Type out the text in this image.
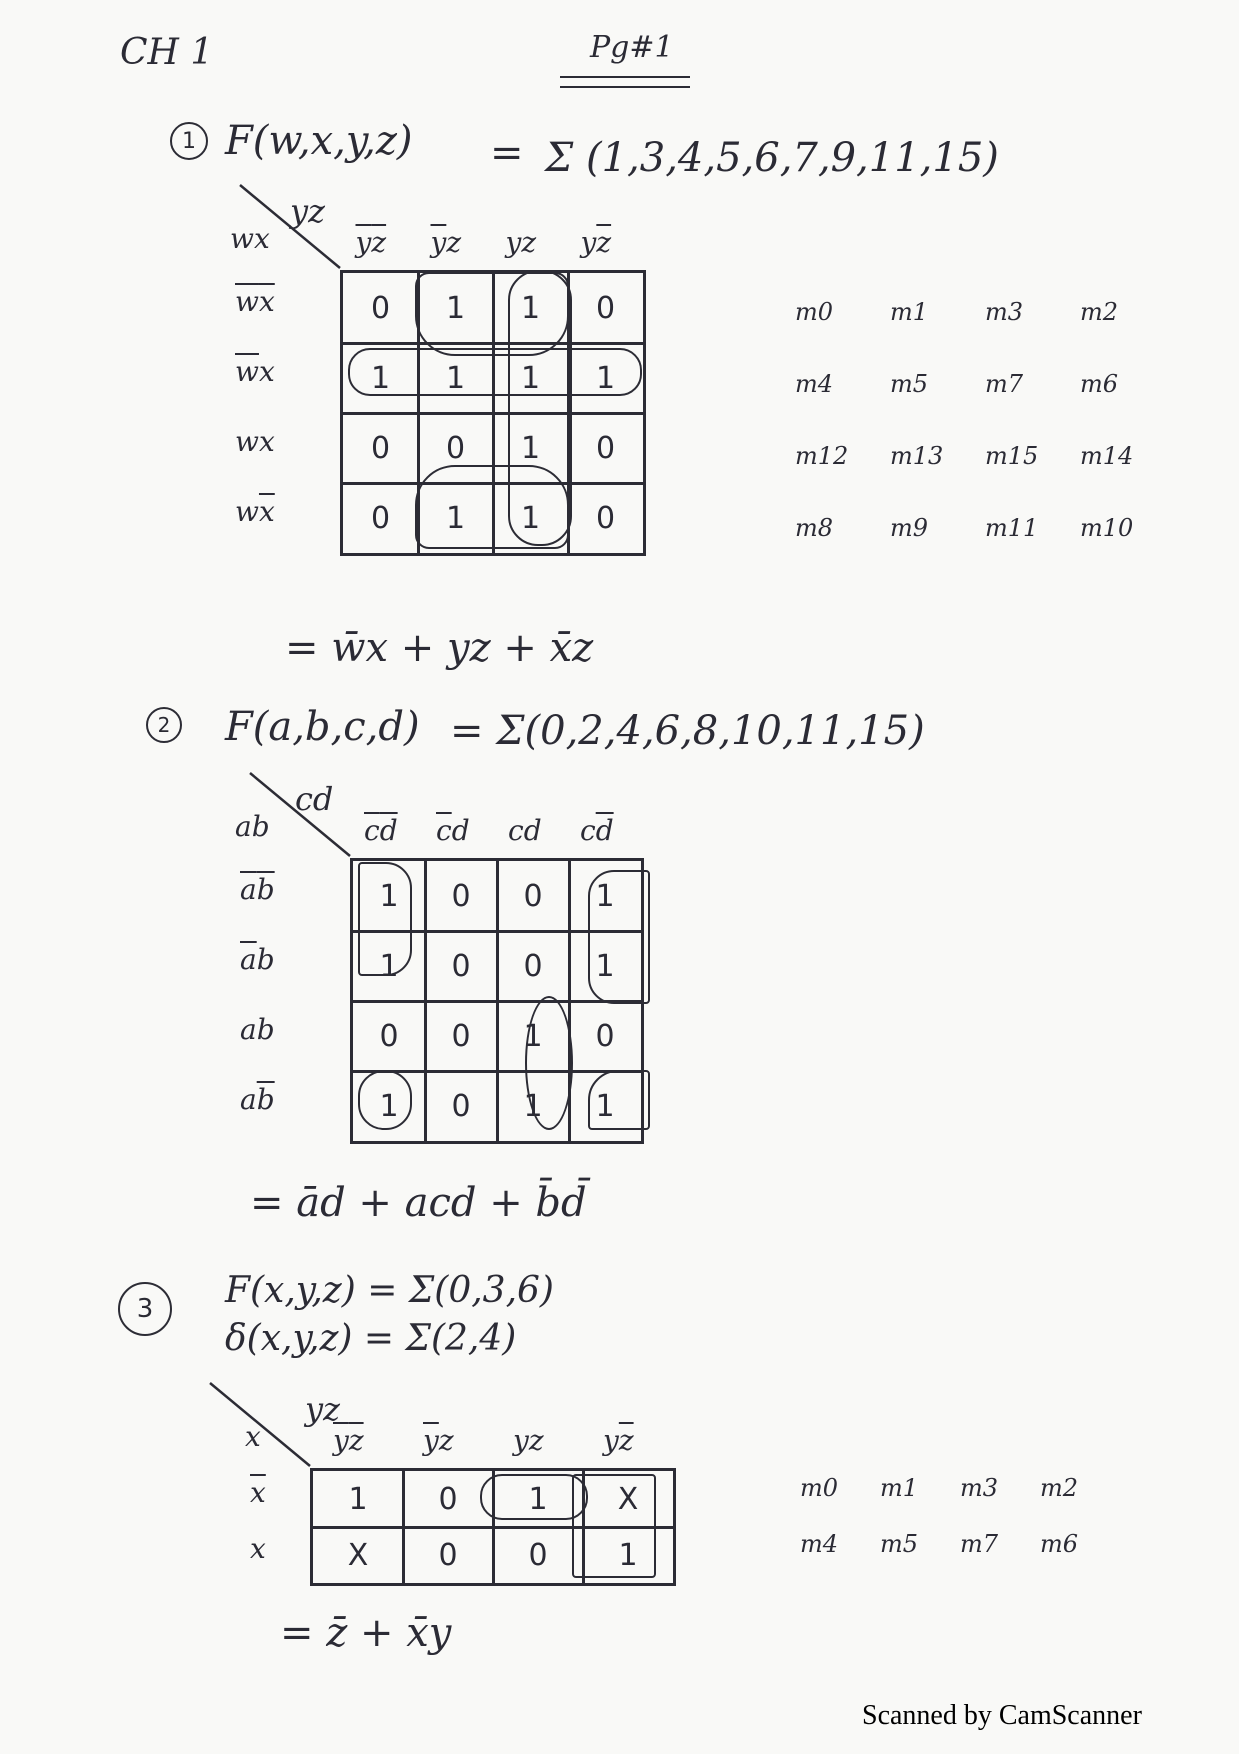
CH 1	Pg#1
1 F(w,x,y,z) = Σ (1,3,4,5,6,7,9,11,15)
= w̄x + yz + x̄z
2 F(a,b,c,d) = Σ(0,2,4,6,8,10,11,15)
= ād + acd + b̄d̄
3	F(x,y,z) = Σ(0,3,6)
δ(x,y,z) = Σ(2,4)
= z̄ + x̄y
Scanned by CamScanner
0	1	1	0
1	1	1	1
0	0	1	0
0	1	1	0
$\overline{y}\overline{z}$ $\overline{y}z$ yz $y\overline{z}$
$\overline{w}\overline{x}$
$\overline{w}x$
wx
$w\overline{x}$
yz
wx
m0 m1 m3 m2
m4 m5 m7 m6
m12 m13 m15 m14
m8 m9 m11 m10
1	0	0	1
1	0	0	1
0	0	1	0
1	0	1	1
$\overline{c}\overline{d}$ $\overline{c}d$ cd $c\overline{d}$
$\overline{a}\overline{b}$
$\overline{a}b$
ab
$a\overline{b}$
cd
ab
1	0	1	X
X	0	0	1
$\overline{y}\overline{z}$ $\overline{y}z$ yz $y\overline{z}$
$\overline{x}$
x
yz
x
m0 m1 m3 m2
m4 m5 m7 m6
